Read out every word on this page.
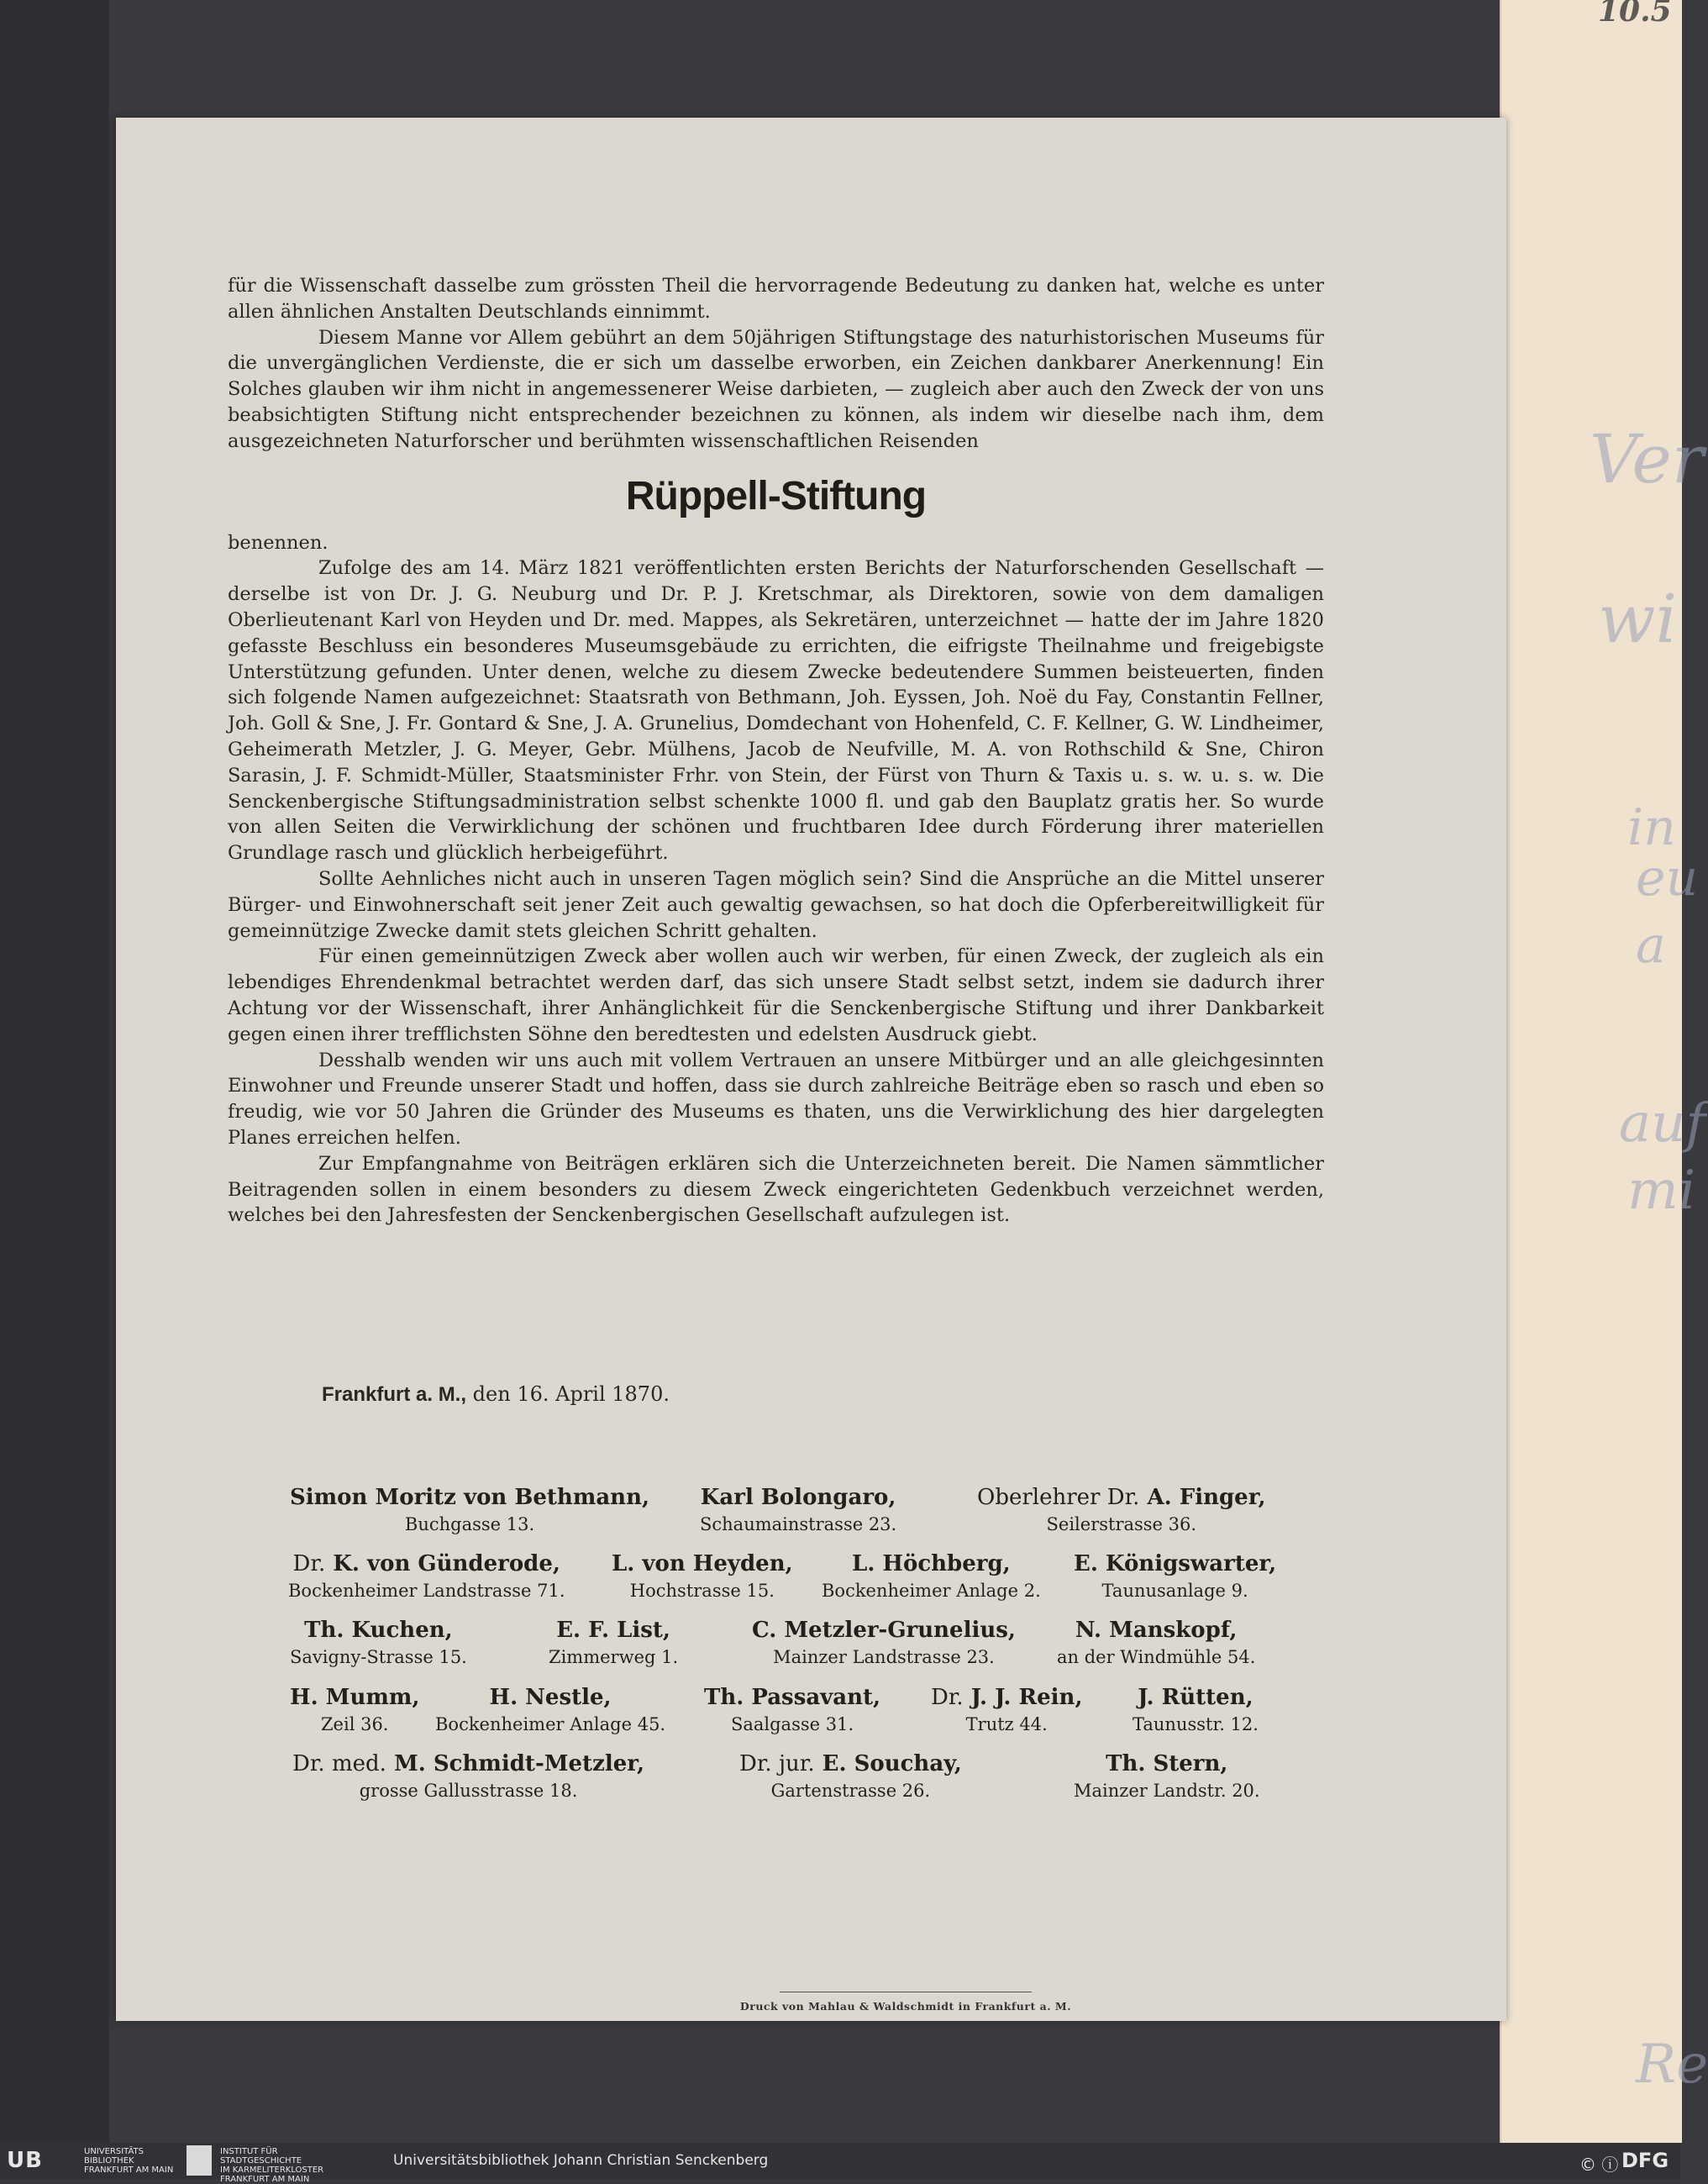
10.5
Ver
wi
in
eu
a
auf
mi
Re

für die Wissenschaft dasselbe zum grössten Theil die hervorragende Bedeutung zu danken hat, welche es unter allen ähnlichen Anstalten Deutschlands einnimmt.

Diesem Manne vor Allem gebührt an dem 50jährigen Stiftungstage des naturhistorischen Museums für die unvergänglichen Verdienste, die er sich um dasselbe erworben, ein Zeichen dankbarer Anerkennung! Ein Solches glauben wir ihm nicht in angemessenerer Weise darbieten, — zugleich aber auch den Zweck der von uns beabsichtigten Stiftung nicht entsprechender bezeichnen zu können, als indem wir dieselbe nach ihm, dem ausgezeichneten Naturforscher und berühmten wissenschaftlichen Reisenden

Rüppell-Stiftung

benennen.

Zufolge des am 14. März 1821 veröffentlichten ersten Berichts der Naturforschenden Gesellschaft — derselbe ist von Dr. J. G. Neuburg und Dr. P. J. Kretschmar, als Direktoren, sowie von dem damaligen Oberlieutenant Karl von Heyden und Dr. med. Mappes, als Sekretären, unterzeichnet — hatte der im Jahre 1820 gefasste Beschluss ein besonderes Museumsgebäude zu errichten, die eifrigste Theilnahme und freigebigste Unterstützung gefunden. Unter denen, welche zu diesem Zwecke bedeutendere Summen beisteuerten, finden sich folgende Namen aufgezeichnet: Staatsrath von Bethmann, Joh. Eyssen, Joh. Noë du Fay, Constantin Fellner, Joh. Goll & Sne, J. Fr. Gontard & Sne, J. A. Grunelius, Domdechant von Hohenfeld, C. F. Kellner, G. W. Lindheimer, Geheimerath Metzler, J. G. Meyer, Gebr. Mülhens, Jacob de Neufville, M. A. von Rothschild & Sne, Chiron Sarasin, J. F. Schmidt-Müller, Staatsminister Frhr. von Stein, der Fürst von Thurn & Taxis u. s. w. u. s. w. Die Senckenbergische Stiftungsadministration selbst schenkte 1000 fl. und gab den Bauplatz gratis her. So wurde von allen Seiten die Verwirklichung der schönen und fruchtbaren Idee durch Förderung ihrer materiellen Grundlage rasch und glücklich herbeigeführt.

Sollte Aehnliches nicht auch in unseren Tagen möglich sein? Sind die Ansprüche an die Mittel unserer Bürger- und Einwohnerschaft seit jener Zeit auch gewaltig gewachsen, so hat doch die Opferbereitwilligkeit für gemeinnützige Zwecke damit stets gleichen Schritt gehalten.

Für einen gemeinnützigen Zweck aber wollen auch wir werben, für einen Zweck, der zugleich als ein lebendiges Ehrendenkmal betrachtet werden darf, das sich unsere Stadt selbst setzt, indem sie dadurch ihrer Achtung vor der Wissenschaft, ihrer Anhänglichkeit für die Senckenbergische Stiftung und ihrer Dankbarkeit gegen einen ihrer trefflichsten Söhne den beredtesten und edelsten Ausdruck giebt.

Desshalb wenden wir uns auch mit vollem Vertrauen an unsere Mitbürger und an alle gleichgesinnten Einwohner und Freunde unserer Stadt und hoffen, dass sie durch zahlreiche Beiträge eben so rasch und eben so freudig, wie vor 50 Jahren die Gründer des Museums es thaten, uns die Verwirklichung des hier dargelegten Planes erreichen helfen.

Zur Empfangnahme von Beiträgen erklären sich die Unterzeichneten bereit. Die Namen sämmtlicher Beitragenden sollen in einem besonders zu diesem Zweck eingerichteten Gedenkbuch verzeichnet werden, welches bei den Jahresfesten der Senckenbergischen Gesellschaft aufzulegen ist.

Frankfurt a. M., den 16. April 1870.
Simon Moritz von Bethmann,
Buchgasse 13.
Karl Bolongaro,
Schaumainstrasse 23.
Oberlehrer Dr. A. Finger,
Seilerstrasse 36.
Dr. K. von Günderode,
Bockenheimer Landstrasse 71.
L. von Heyden,
Hochstrasse 15.
L. Höchberg,
Bockenheimer Anlage 2.
E. Königswarter,
Taunusanlage 9.
Th. Kuchen,
Savigny-Strasse 15.
E. F. List,
Zimmerweg 1.
C. Metzler-Grunelius,
Mainzer Landstrasse 23.
N. Manskopf,
an der Windmühle 54.
H. Mumm,
Zeil 36.
H. Nestle,
Bockenheimer Anlage 45.
Th. Passavant,
Saalgasse 31.
Dr. J. J. Rein,
Trutz 44.
J. Rütten,
Taunusstr. 12.
Dr. med. M. Schmidt-Metzler,
grosse Gallusstrasse 18.
Dr. jur. E. Souchay,
Gartenstrasse 26.
Th. Stern,
Mainzer Landstr. 20.
Druck von Mahlau & Waldschmidt in Frankfurt a. M.
UB	UNIVERSITÄTS
BIBLIOTHEK
FRANKFURT AM MAIN
INSTITUT FÜR
STADTGESCHICHTE
IM KARMELITERKLOSTER
FRANKFURT AM MAIN
Universitätsbibliothek Johann Christian Senckenberg	© ⓘ DFG
